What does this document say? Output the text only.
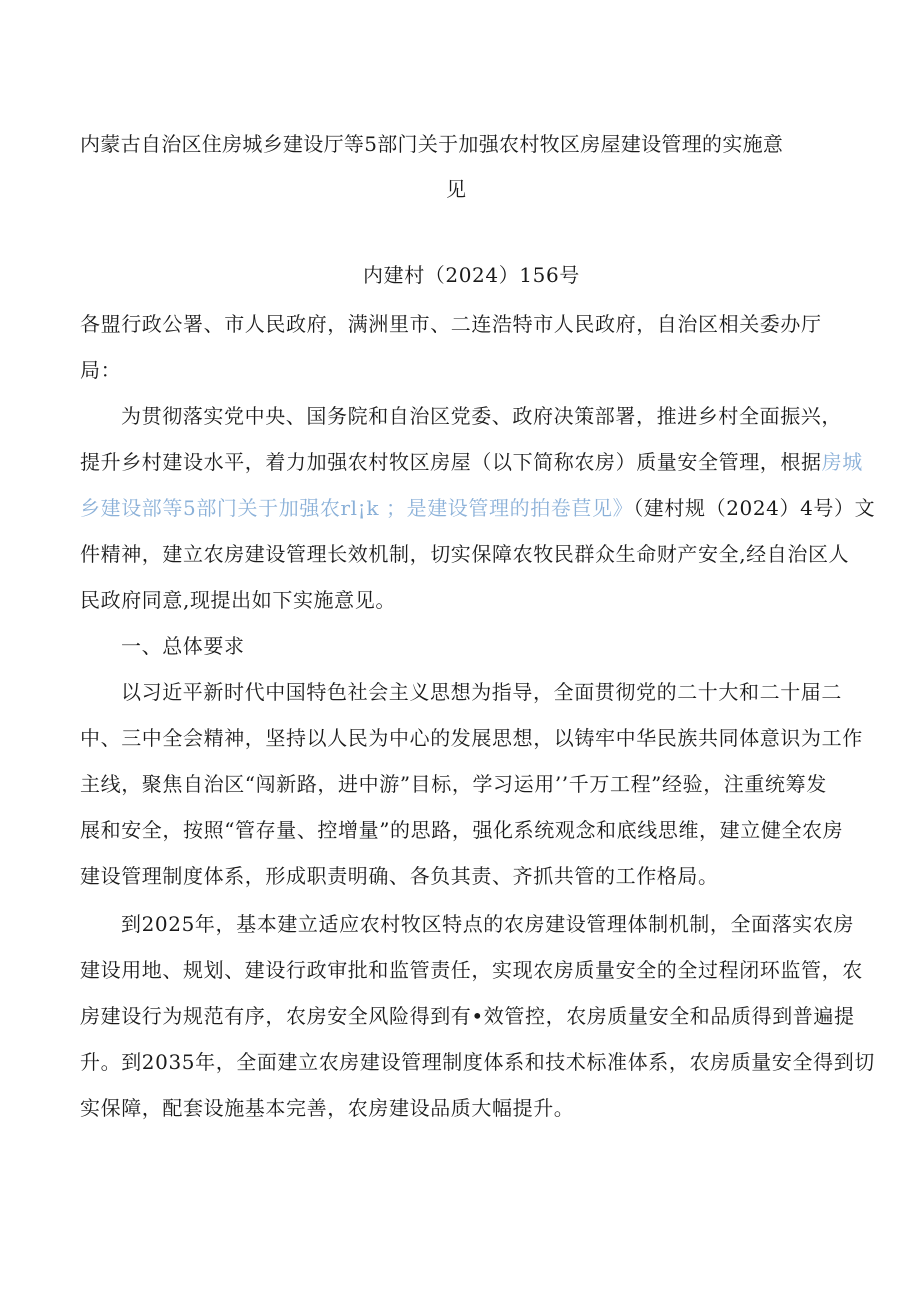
内蒙古自治区住房城乡建设厅等5部门关于加强农村牧区房屋建设管理的实施意
见
内建村（2024）156号
各盟行政公署、市人民政府，满洲里市、二连浩特市人民政府，自治区相关委办厅
局：
为贯彻落实党中央、国务院和自治区党委、政府决策部署，推进乡村全面振兴，
提升乡村建设水平，着力加强农村牧区房屋（以下简称农房）质量安全管理，根据房城
乡建设部等5部门关于加强农rl¡k ；是建设管理的拍卷苣见》（建村规（2024）4号）文
件精神，建立农房建设管理长效机制，切实保障农牧民群众生命财产安全,经自治区人
民政府同意,现提出如下实施意见。
一、总体要求
以习近平新时代中国特色社会主义思想为指导，全面贯彻党的二十大和二十届二
中、三中全会精神，坚持以人民为中心的发展思想，以铸牢中华民族共同体意识为工作
主线，聚焦自治区“闯新路，进中游”目标，学习运用’’千万工程”经验，注重统筹发
展和安全，按照“管存量、控增量”的思路，强化系统观念和底线思维，建立健全农房
建设管理制度体系，形成职责明确、各负其责、齐抓共管的工作格局。
到2025年，基本建立适应农村牧区特点的农房建设管理体制机制，全面落实农房
建设用地、规划、建设行政审批和监管责任，实现农房质量安全的全过程闭环监管，农
房建设行为规范有序，农房安全风险得到有•效管控，农房质量安全和品质得到普遍提
升。到2035年，全面建立农房建设管理制度体系和技术标准体系，农房质量安全得到切
实保障，配套设施基本完善，农房建设品质大幅提升。
